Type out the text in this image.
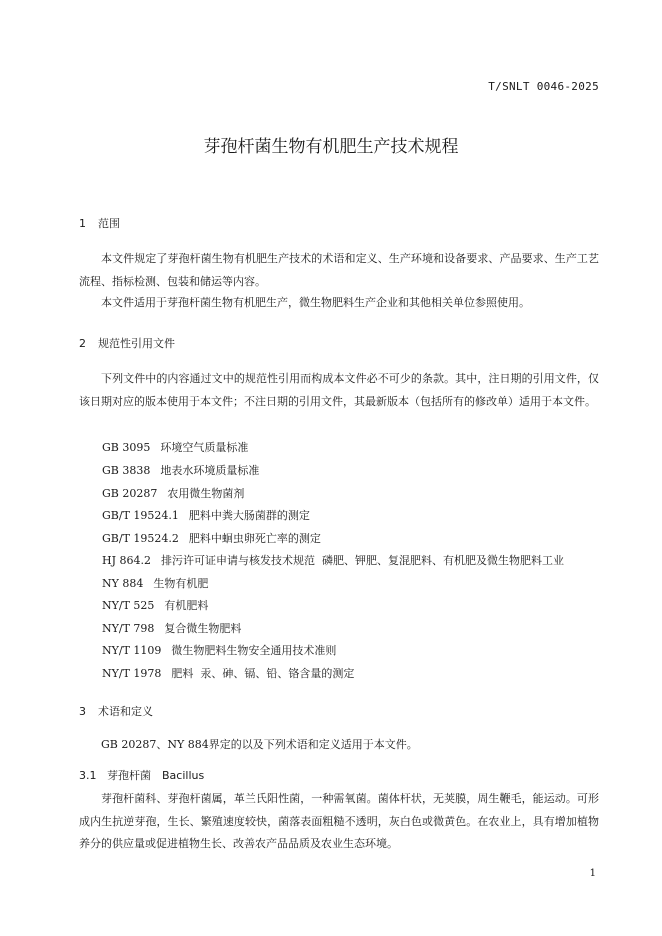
T/SNLT 0046-2025
芽孢杆菌生物有机肥生产技术规程
1 范围
本文件规定了芽孢杆菌生物有机肥生产技术的术语和定义、生产环境和设备要求、产品要求、生产工艺流程、指标检测、包装和储运等内容。
本文件适用于芽孢杆菌生物有机肥生产，微生物肥料生产企业和其他相关单位参照使用。
2 规范性引用文件
下列文件中的内容通过文中的规范性引用而构成本文件必不可少的条款。其中，注日期的引用文件，仅该日期对应的版本使用于本文件；不注日期的引用文件，其最新版本（包括所有的修改单）适用于本文件。
GB 3095 环境空气质量标准
GB 3838 地表水环境质量标准
GB 20287 农用微生物菌剂
GB/T 19524.1 肥料中粪大肠菌群的测定
GB/T 19524.2 肥料中蛔虫卵死亡率的测定
HJ 864.2 排污许可证申请与核发技术规范  磷肥、钾肥、复混肥料、有机肥及微生物肥料工业
NY 884 生物有机肥
NY/T 525 有机肥料
NY/T 798 复合微生物肥料
NY/T 1109 微生物肥料生物安全通用技术准则
NY/T 1978 肥料  汞、砷、镉、铅、铬含量的测定
3 术语和定义
GB 20287、NY 884界定的以及下列术语和定义适用于本文件。
3.1 芽孢杆菌　Bacillus
芽孢杆菌科、芽孢杆菌属，革兰氏阳性菌，一种需氧菌。菌体杆状，无荚膜，周生鞭毛，能运动。可形成内生抗逆芽孢，生长、繁殖速度较快，菌落表面粗糙不透明，灰白色或微黄色。在农业上，具有增加植物养分的供应量或促进植物生长、改善农产品品质及农业生态环境。
1
